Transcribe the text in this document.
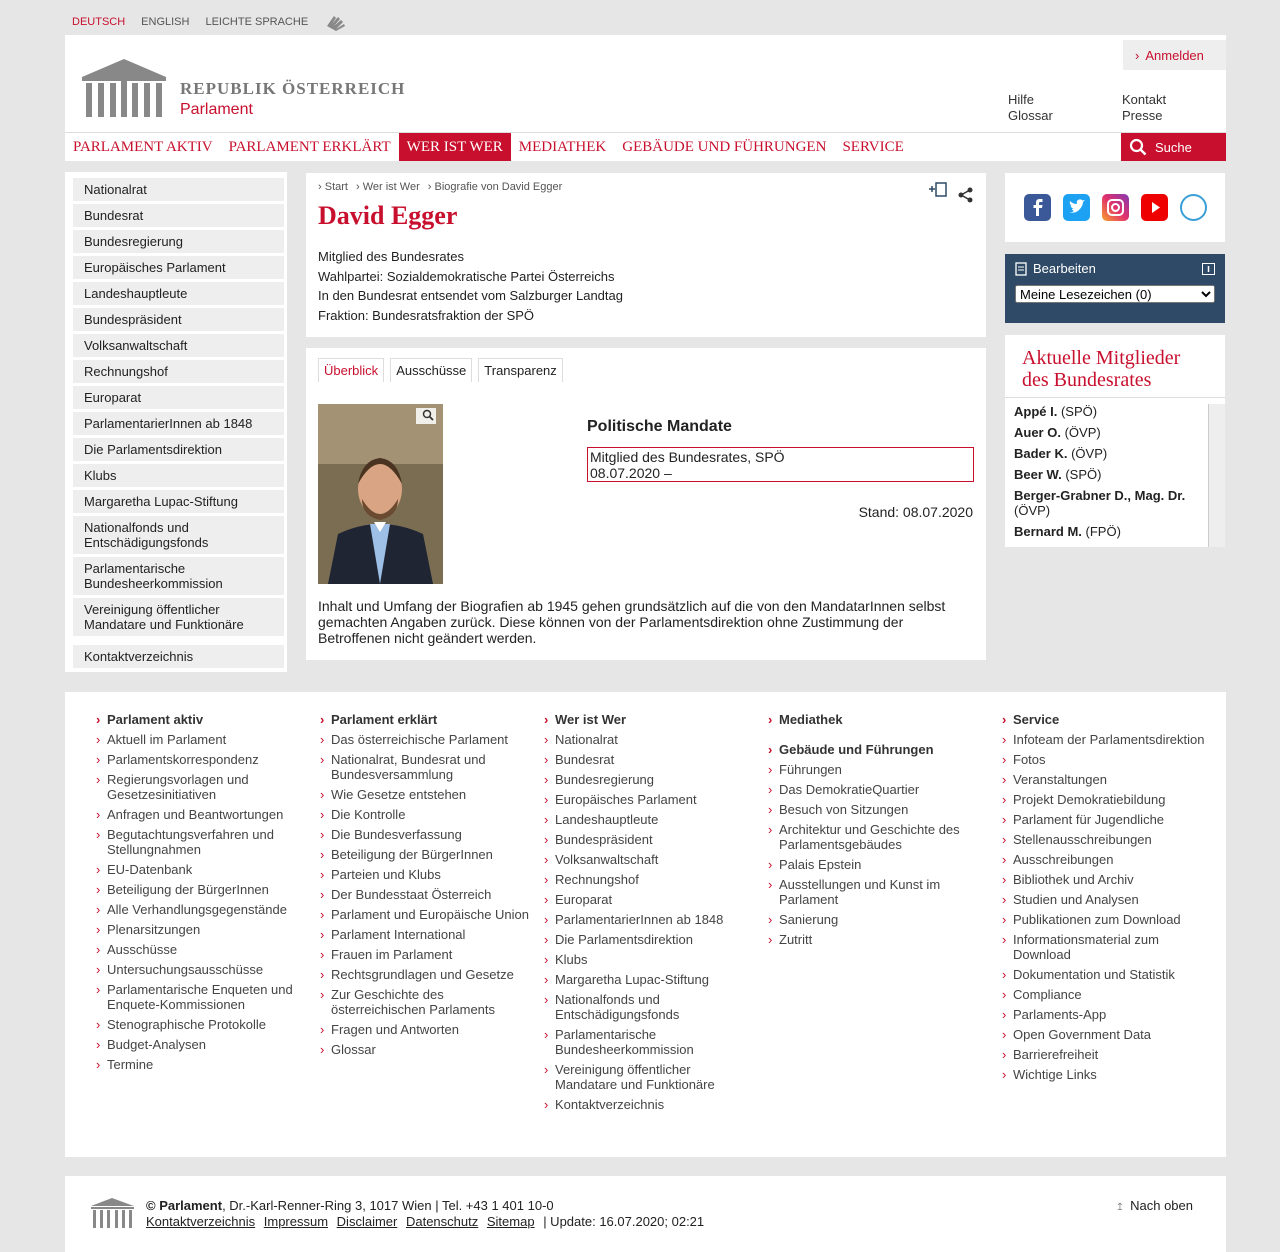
DEUTSCH ENGLISH LEICHTE SPRACHE
REPUBLIK ÖSTERREICH
Parlament
› Anmelden
Hilfe
Glossar
Kontakt
Presse
PARLAMENT AKTIV	PARLAMENT ERKLÄRT	WER IST WER	MEDIATHEK	GEBÄUDE UND FÜHRUNGEN	SERVICE	Suche
Nationalrat
Bundesrat
Bundesregierung
Europäisches Parlament
Landeshauptleute
Bundespräsident
Volksanwaltschaft
Rechnungshof
Europarat
ParlamentarierInnen ab 1848
Die Parlamentsdirektion
Klubs
Margaretha Lupac-Stiftung
Nationalfonds und Entschädigungsfonds
Parlamentarische Bundesheerkommission
Vereinigung öffentlicher Mandatare und Funktionäre
Kontaktverzeichnis
› Start	› Wer ist Wer	› Biografie von David Egger
David Egger
Mitglied des Bundesrates
Wahlpartei: Sozialdemokratische Partei Österreichs
In den Bundesrat entsendet vom Salzburger Landtag
Fraktion: Bundesratsfraktion der SPÖ
Überblick	Ausschüsse	Transparenz
Politische Mandate
Mitglied des Bundesrates, SPÖ
08.07.2020 –
Stand: 08.07.2020
Inhalt und Umfang der Biografien ab 1945 gehen grundsätzlich auf die von den MandatarInnen selbst gemachten Angaben zurück. Diese können von der Parlamentsdirektion ohne Zustimmung der Betroffenen nicht geändert werden.
Bearbeiten
Meine Lesezeichen (0)
Aktuelle Mitglieder des Bundesrates
Appé I. (SPÖ)
Auer O. (ÖVP)
Bader K. (ÖVP)
Beer W. (SPÖ)
Berger-Grabner D., Mag. Dr. (ÖVP)
Bernard M. (FPÖ)
› Parlament aktiv
› Aktuell im Parlament
› Parlamentskorrespondenz
› Regierungsvorlagen und Gesetzesinitiativen
› Anfragen und Beantwortungen
› Begutachtungsverfahren und Stellungnahmen
› EU-Datenbank
› Beteiligung der BürgerInnen
› Alle Verhandlungsgegenstände
› Plenarsitzungen
› Ausschüsse
› Untersuchungsausschüsse
› Parlamentarische Enqueten und Enquete-Kommissionen
› Stenographische Protokolle
› Budget-Analysen
› Termine
› Parlament erklärt
› Das österreichische Parlament
› Nationalrat, Bundesrat und Bundesversammlung
› Wie Gesetze entstehen
› Die Kontrolle
› Die Bundesverfassung
› Beteiligung der BürgerInnen
› Parteien und Klubs
› Der Bundesstaat Österreich
› Parlament und Europäische Union
› Parlament International
› Frauen im Parlament
› Rechtsgrundlagen und Gesetze
› Zur Geschichte des österreichischen Parlaments
› Fragen und Antworten
› Glossar
› Wer ist Wer
› Nationalrat
› Bundesrat
› Bundesregierung
› Europäisches Parlament
› Landeshauptleute
› Bundespräsident
› Volksanwaltschaft
› Rechnungshof
› Europarat
› ParlamentarierInnen ab 1848
› Die Parlamentsdirektion
› Klubs
› Margaretha Lupac-Stiftung
› Nationalfonds und Entschädigungsfonds
› Parlamentarische Bundesheerkommission
› Vereinigung öffentlicher Mandatare und Funktionäre
› Kontaktverzeichnis
› Mediathek
› Gebäude und Führungen
› Führungen
› Das DemokratieQuartier
› Besuch von Sitzungen
› Architektur und Geschichte des Parlamentsgebäudes
› Palais Epstein
› Ausstellungen und Kunst im Parlament
› Sanierung
› Zutritt
› Service
› Infoteam der Parlamentsdirektion
› Fotos
› Veranstaltungen
› Projekt Demokratiebildung
› Parlament für Jugendliche
› Stellenausschreibungen
› Ausschreibungen
› Bibliothek und Archiv
› Studien und Analysen
› Publikationen zum Download
› Informationsmaterial zum Download
› Dokumentation und Statistik
› Compliance
› Parlaments-App
› Open Government Data
› Barrierefreiheit
› Wichtige Links
© Parlament, Dr.-Karl-Renner-Ring 3, 1017 Wien | Tel. +43 1 401 10-0
Kontaktverzeichnis Impressum Disclaimer Datenschutz Sitemap | Update: 16.07.2020; 02:21
↥ Nach oben
